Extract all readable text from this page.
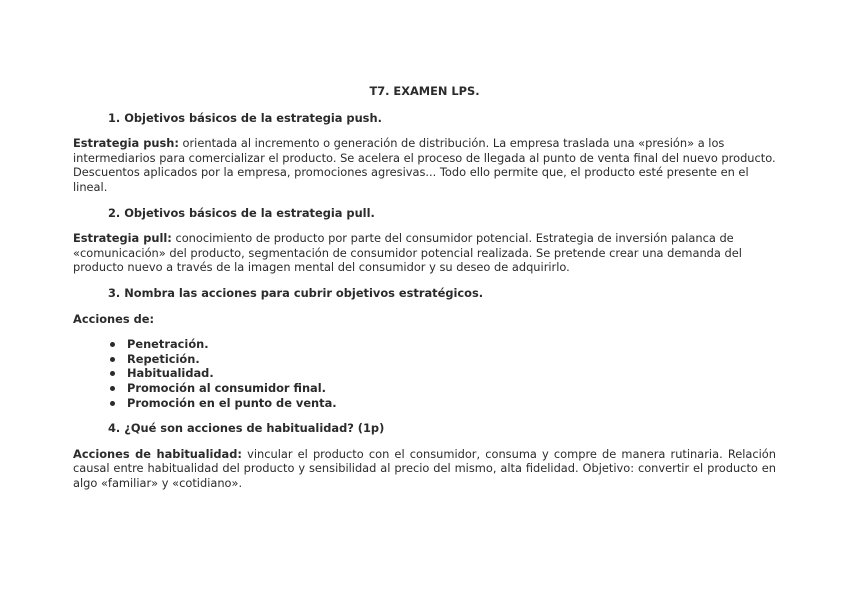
T7. EXAMEN LPS.
1. Objetivos básicos de la estrategia push.
Estrategia push: orientada al incremento o generación de distribución. La empresa traslada una «presión» a los intermediarios para comercializar el producto. Se acelera el proceso de llegada al punto de venta final del nuevo producto. Descuentos aplicados por la empresa, promociones agresivas... Todo ello permite que, el producto esté presente en el lineal.
2. Objetivos básicos de la estrategia pull.
Estrategia pull: conocimiento de producto por parte del consumidor potencial. Estrategia de inversión palanca de «comunicación» del producto, segmentación de consumidor potencial realizada. Se pretende crear una demanda del producto nuevo a través de la imagen mental del consumidor y su deseo de adquirirlo.
3. Nombra las acciones para cubrir objetivos estratégicos.
Acciones de:
Penetración.
Repetición.
Habitualidad.
Promoción al consumidor final.
Promoción en el punto de venta.
4. ¿Qué son acciones de habitualidad? (1p)
Acciones de habitualidad: vincular el producto con el consumidor, consuma y compre de manera rutinaria. Relación causal entre habitualidad del producto y sensibilidad al precio del mismo, alta fidelidad. Objetivo: convertir el producto en algo «familiar» y «cotidiano».
